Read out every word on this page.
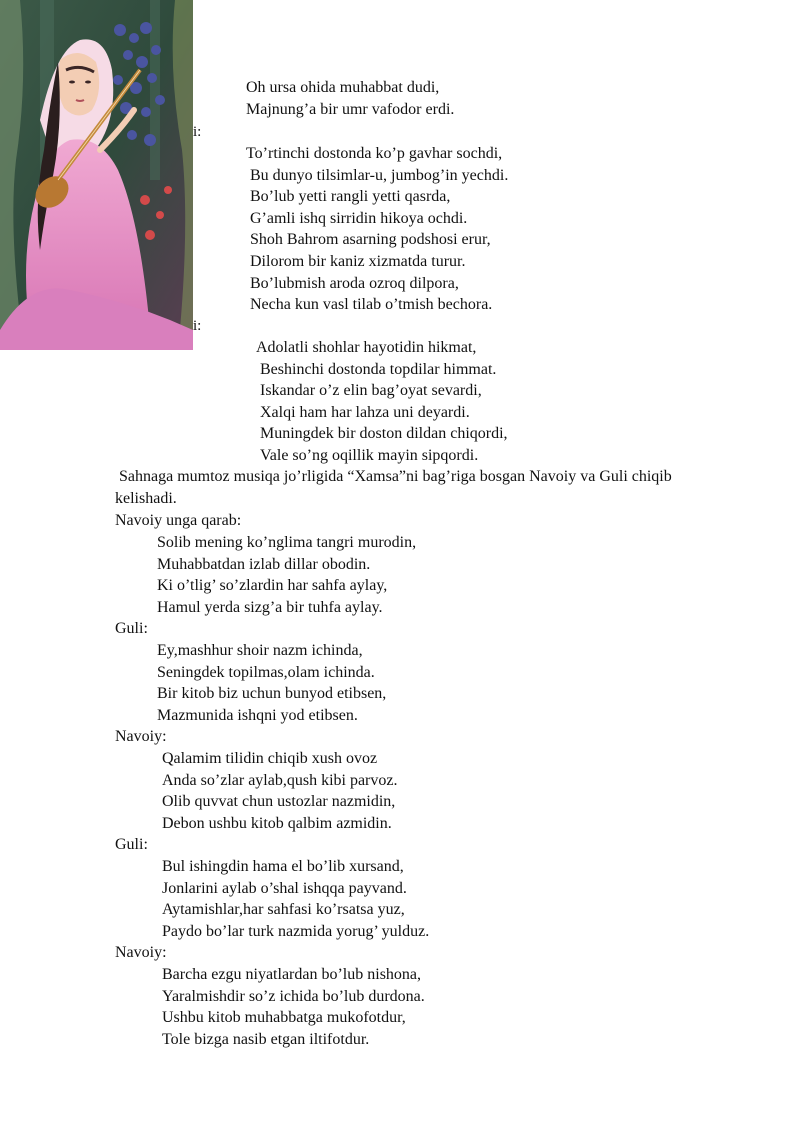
i:
i:
Oh ursa ohida muhabbat dudi,
Majnung’a bir umr vafodor erdi.
To’rtinchi dostonda ko’p gavhar sochdi,
Bu dunyo tilsimlar-u, jumbog’in yechdi.
Bo’lub yetti rangli yetti qasrda,
G’amli ishq sirridin hikoya ochdi.
Shoh Bahrom asarning podshosi erur,
Dilorom bir kaniz xizmatda turur.
Bo’lubmish aroda ozroq dilpora,
Necha kun vasl tilab o’tmish bechora.
Adolatli shohlar hayotidin hikmat,
Beshinchi dostonda topdilar himmat.
Iskandar o’z elin bag’oyat sevardi,
Xalqi ham har lahza uni deyardi.
Muningdek bir doston dildan chiqordi,
Vale so’ng oqillik mayin sipqordi.
Sahnaga mumtoz musiqa jo’rligida “Xamsa”ni bag’riga bosgan Navoiy va Guli chiqib kelishadi.
Navoiy unga qarab:
Solib mening ko’nglima tangri murodin,
Muhabbatdan izlab dillar obodin.
Ki o’tlig’ so’zlardin har sahfa aylay,
Hamul yerda sizg’a bir tuhfa aylay.
Guli:
Ey,mashhur shoir nazm ichinda,
Seningdek topilmas,olam ichinda.
Bir kitob biz uchun bunyod etibsen,
Mazmunida ishqni yod etibsen.
Navoiy:
Qalamim tilidin chiqib xush ovoz
Anda so’zlar aylab,qush kibi parvoz.
Olib quvvat chun ustozlar nazmidin,
Debon ushbu kitob qalbim azmidin.
Guli:
Bul ishingdin hama el bo’lib xursand,
Jonlarini aylab o’shal ishqqa payvand.
Aytamishlar,har sahfasi ko’rsatsa yuz,
Paydo bo’lar turk nazmida yorug’ yulduz.
Navoiy:
Barcha ezgu niyatlardan bo’lub nishona,
Yaralmishdir so’z ichida bo’lub durdona.
Ushbu kitob muhabbatga mukofotdur,
Tole bizga nasib etgan iltifotdur.
